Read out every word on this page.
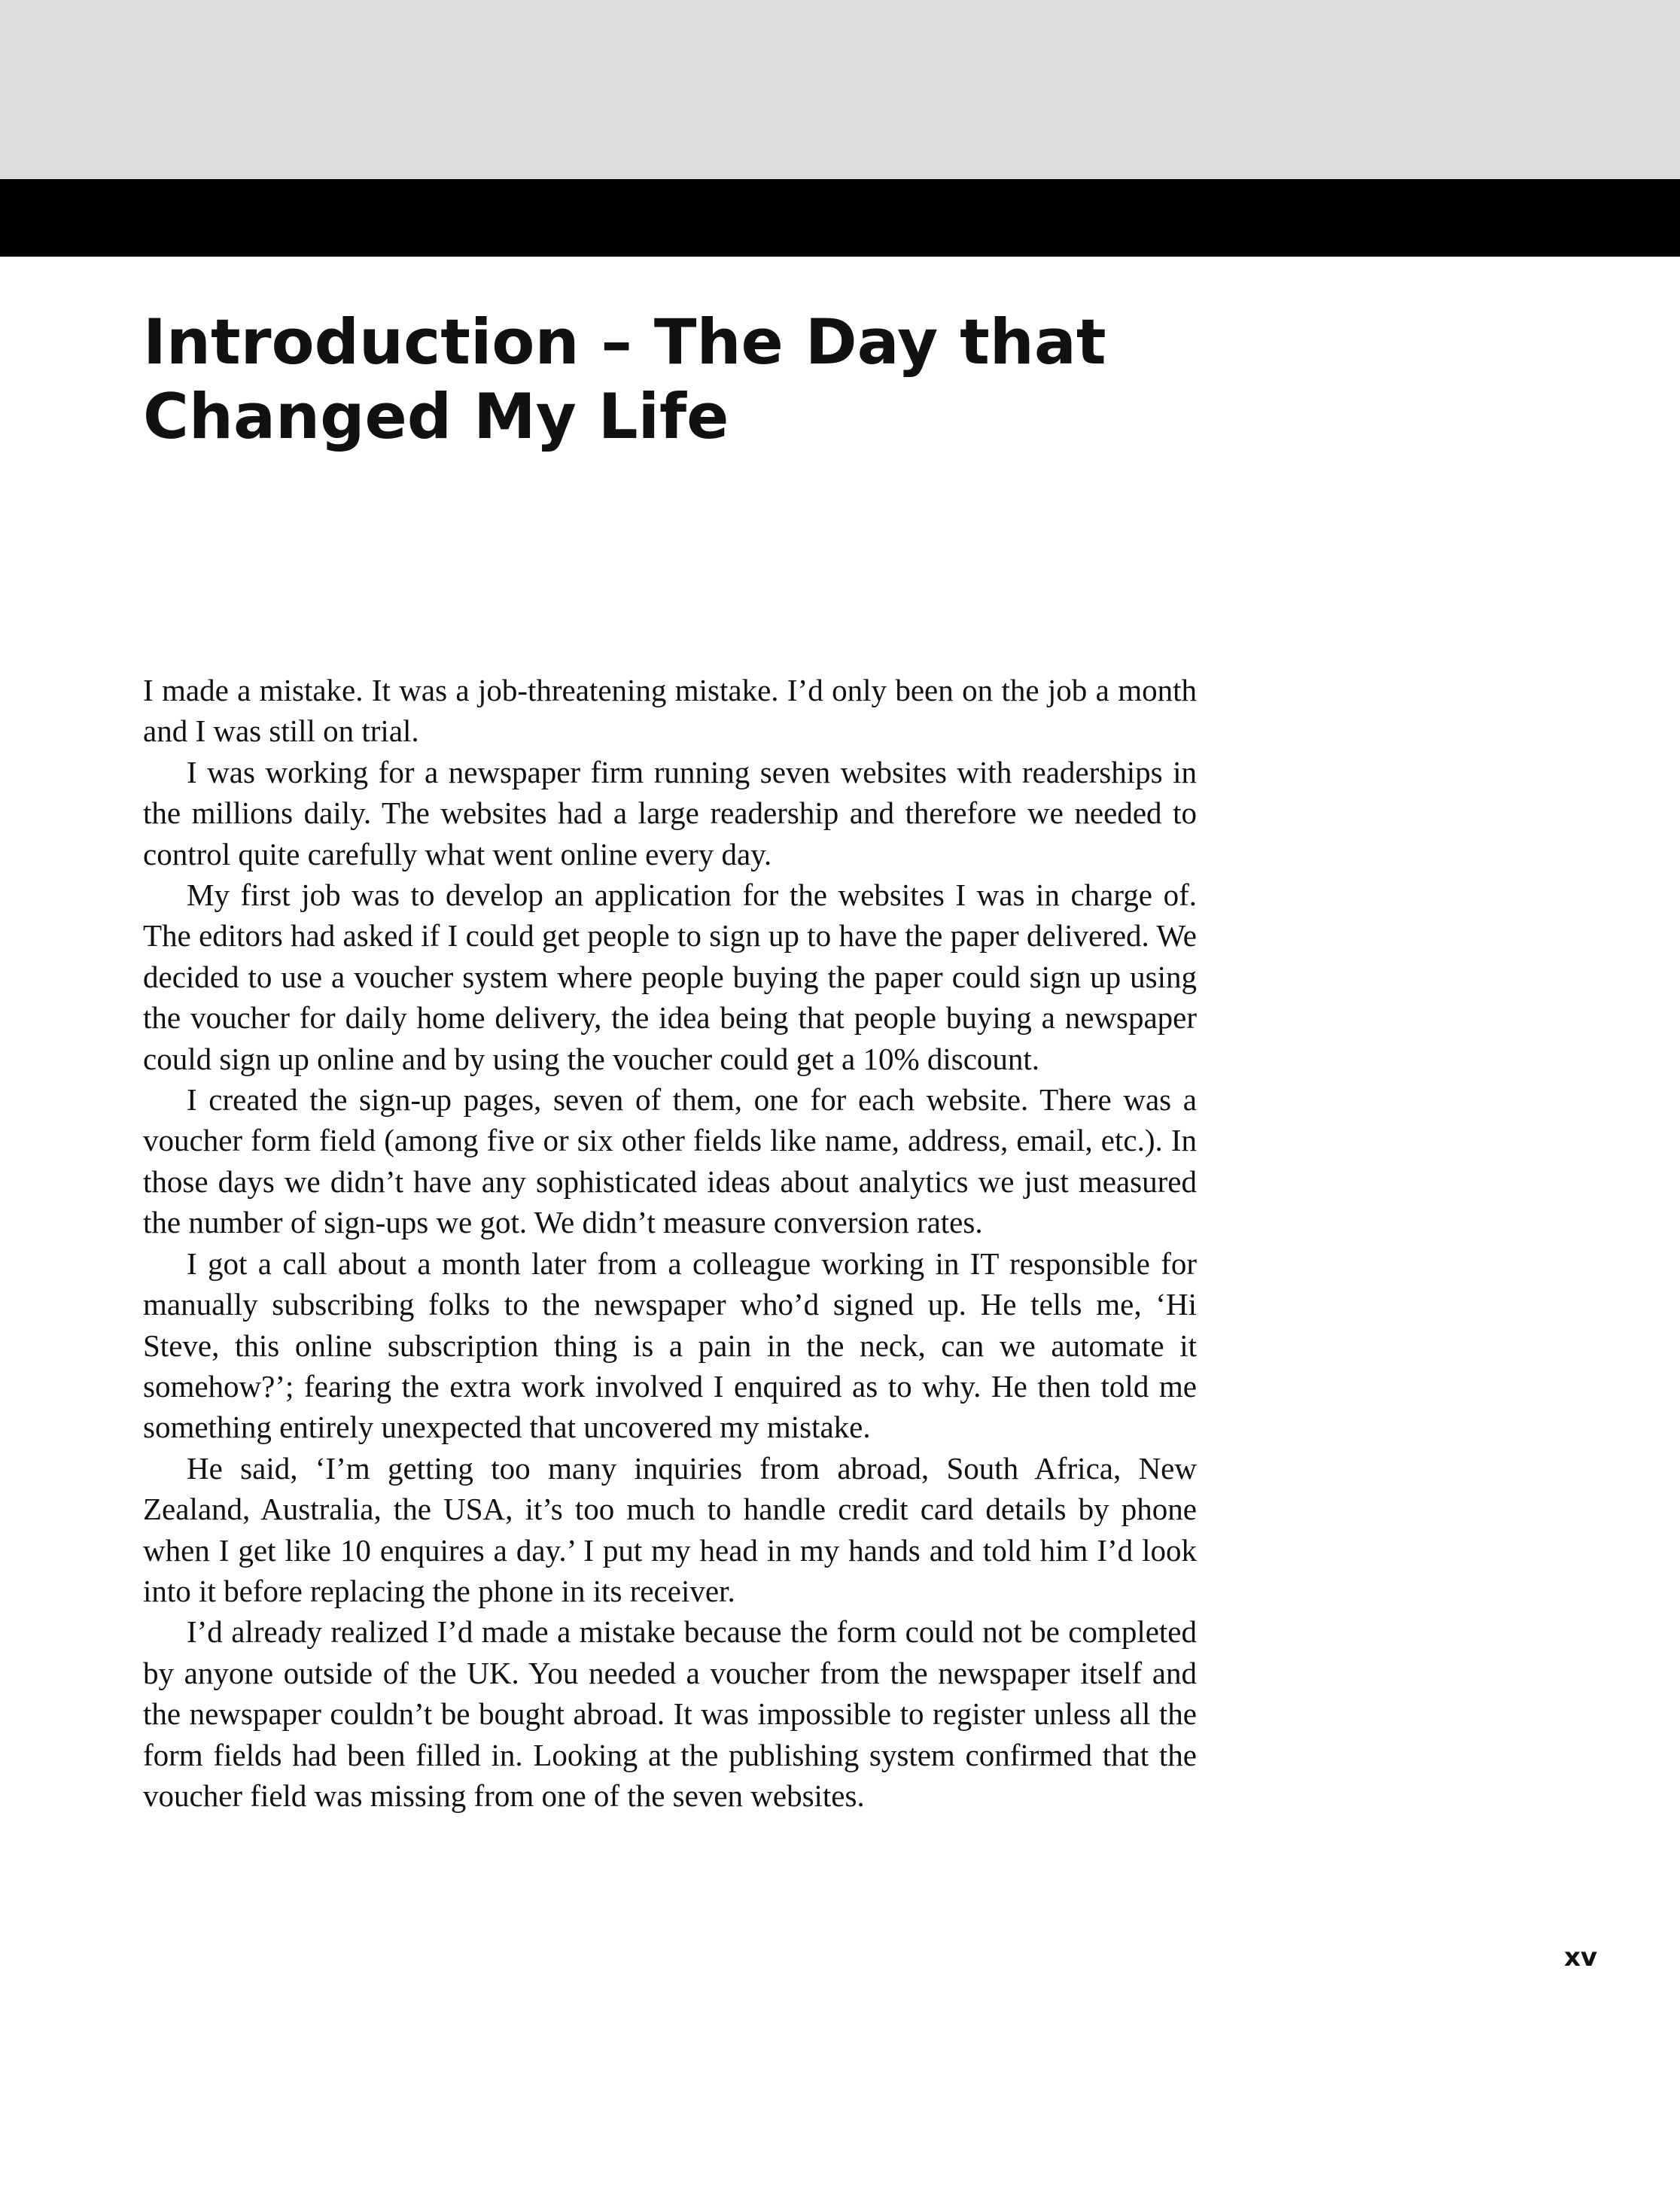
Introduction – The Day that
Changed My Life

I made a mistake. It was a job-threatening mistake. I’d only been on the job a month and I was still on trial.

I was working for a newspaper firm running seven websites with readerships in the millions daily. The websites had a large readership and therefore we needed to control quite carefully what went online every day.

My first job was to develop an application for the websites I was in charge of. The editors had asked if I could get people to sign up to have the paper delivered. We decided to use a voucher system where people buying the paper could sign up using the voucher for daily home delivery, the idea being that people buying a newspaper could sign up online and by using the voucher could get a 10% discount.

I created the sign-up pages, seven of them, one for each website. There was a voucher form field (among five or six other fields like name, address, email, etc.). In those days we didn’t have any sophisticated ideas about analytics we just measured the number of sign-ups we got. We didn’t measure conversion rates.

I got a call about a month later from a colleague working in IT responsible for manually subscribing folks to the newspaper who’d signed up. He tells me, ‘Hi Steve, this online subscription thing is a pain in the neck, can we automate it somehow?’; fearing the extra work involved I enquired as to why. He then told me something entirely unexpected that uncovered my mistake.

He said, ‘I’m getting too many inquiries from abroad, South Africa, New Zealand, Australia, the USA, it’s too much to handle credit card details by phone when I get like 10 enquires a day.’ I put my head in my hands and told him I’d look into it before replacing the phone in its receiver.

I’d already realized I’d made a mistake because the form could not be completed by anyone outside of the UK. You needed a voucher from the newspaper itself and the newspaper couldn’t be bought abroad. It was impossible to register unless all the form fields had been filled in. Looking at the publishing system confirmed that the voucher field was missing from one of the seven websites.

xv
